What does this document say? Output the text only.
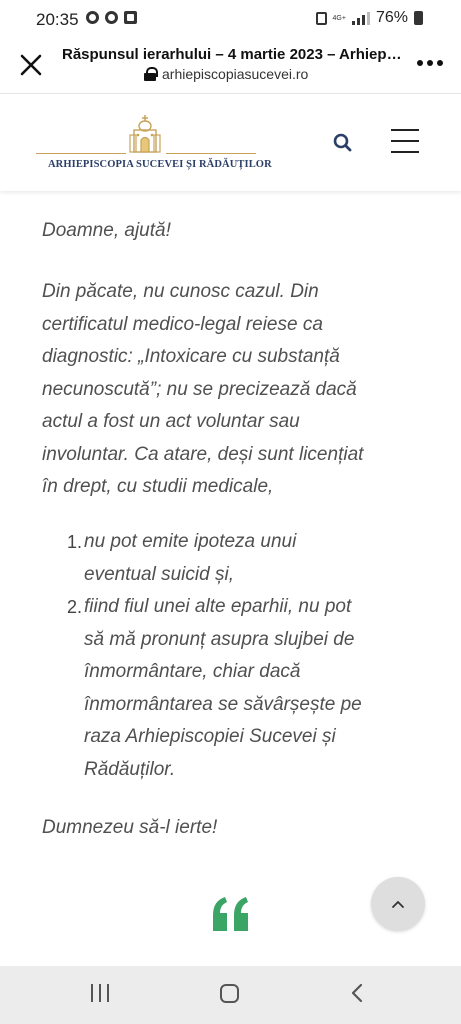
20:35	4G+ 76%
Răspunsul ierarhului – 4 martie 2023 – Arhiep…
arhiepiscopiasucevei.ro
ARHIEPISCOPIA SUCEVEI ȘI RĂDĂUȚILOR

Doamne, ajută!

Din păcate, nu cunosc cazul. Din
certificatul medico-legal reiese ca
diagnostic: „Intoxicare cu substanță
necunoscută”; nu se precizează dacă
actul a fost un act voluntar sau
involuntar. Ca atare, deși sunt licențiat
în drept, cu studii medicale,

1. nu pot emite ipoteza unui
eventual suicid și,
2. fiind fiul unei alte eparhii, nu pot
să mă pronunț asupra slujbei de
înmormântare, chiar dacă
înmormântarea se săvârșește pe
raza Arhiepiscopiei Sucevei și
Rădăuților.

Dumnezeu să-l ierte!
